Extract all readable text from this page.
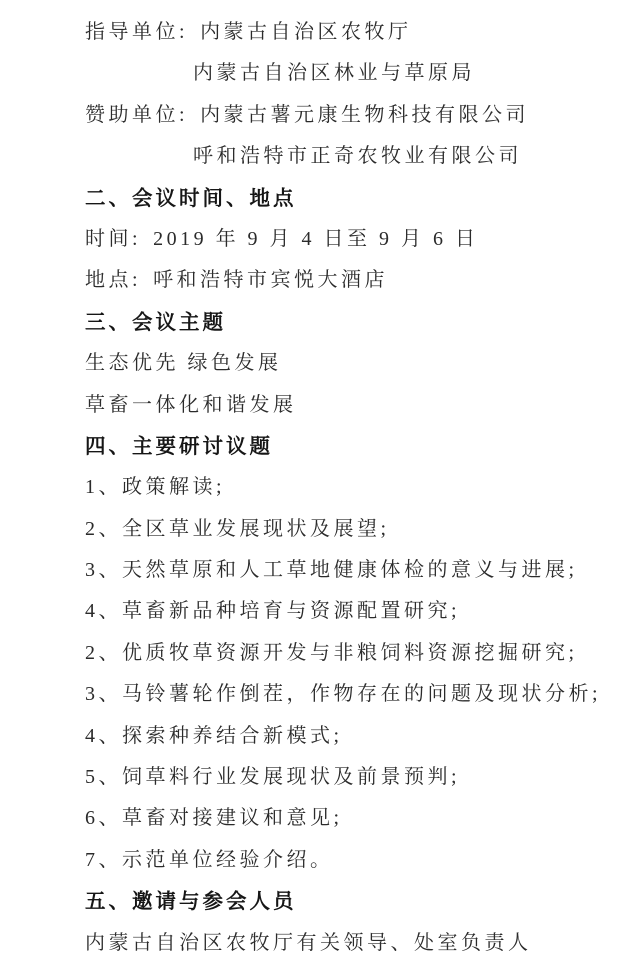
指导单位: 内蒙古自治区农牧厅

内蒙古自治区林业与草原局

赞助单位: 内蒙古薯元康生物科技有限公司

呼和浩特市正奇农牧业有限公司

二、会议时间、地点

时间: 2019 年 9 月 4 日至 9 月 6 日

地点: 呼和浩特市宾悦大酒店

三、会议主题

生态优先 绿色发展

草畜一体化和谐发展

四、主要研讨议题

1、政策解读;

2、全区草业发展现状及展望;

3、天然草原和人工草地健康体检的意义与进展;

4、草畜新品种培育与资源配置研究;

2、优质牧草资源开发与非粮饲料资源挖掘研究;

3、马铃薯轮作倒茬，作物存在的问题及现状分析;

4、探索种养结合新模式;

5、饲草料行业发展现状及前景预判;

6、草畜对接建议和意见;

7、示范单位经验介绍。

五、邀请与参会人员

内蒙古自治区农牧厅有关领导、处室负责人
